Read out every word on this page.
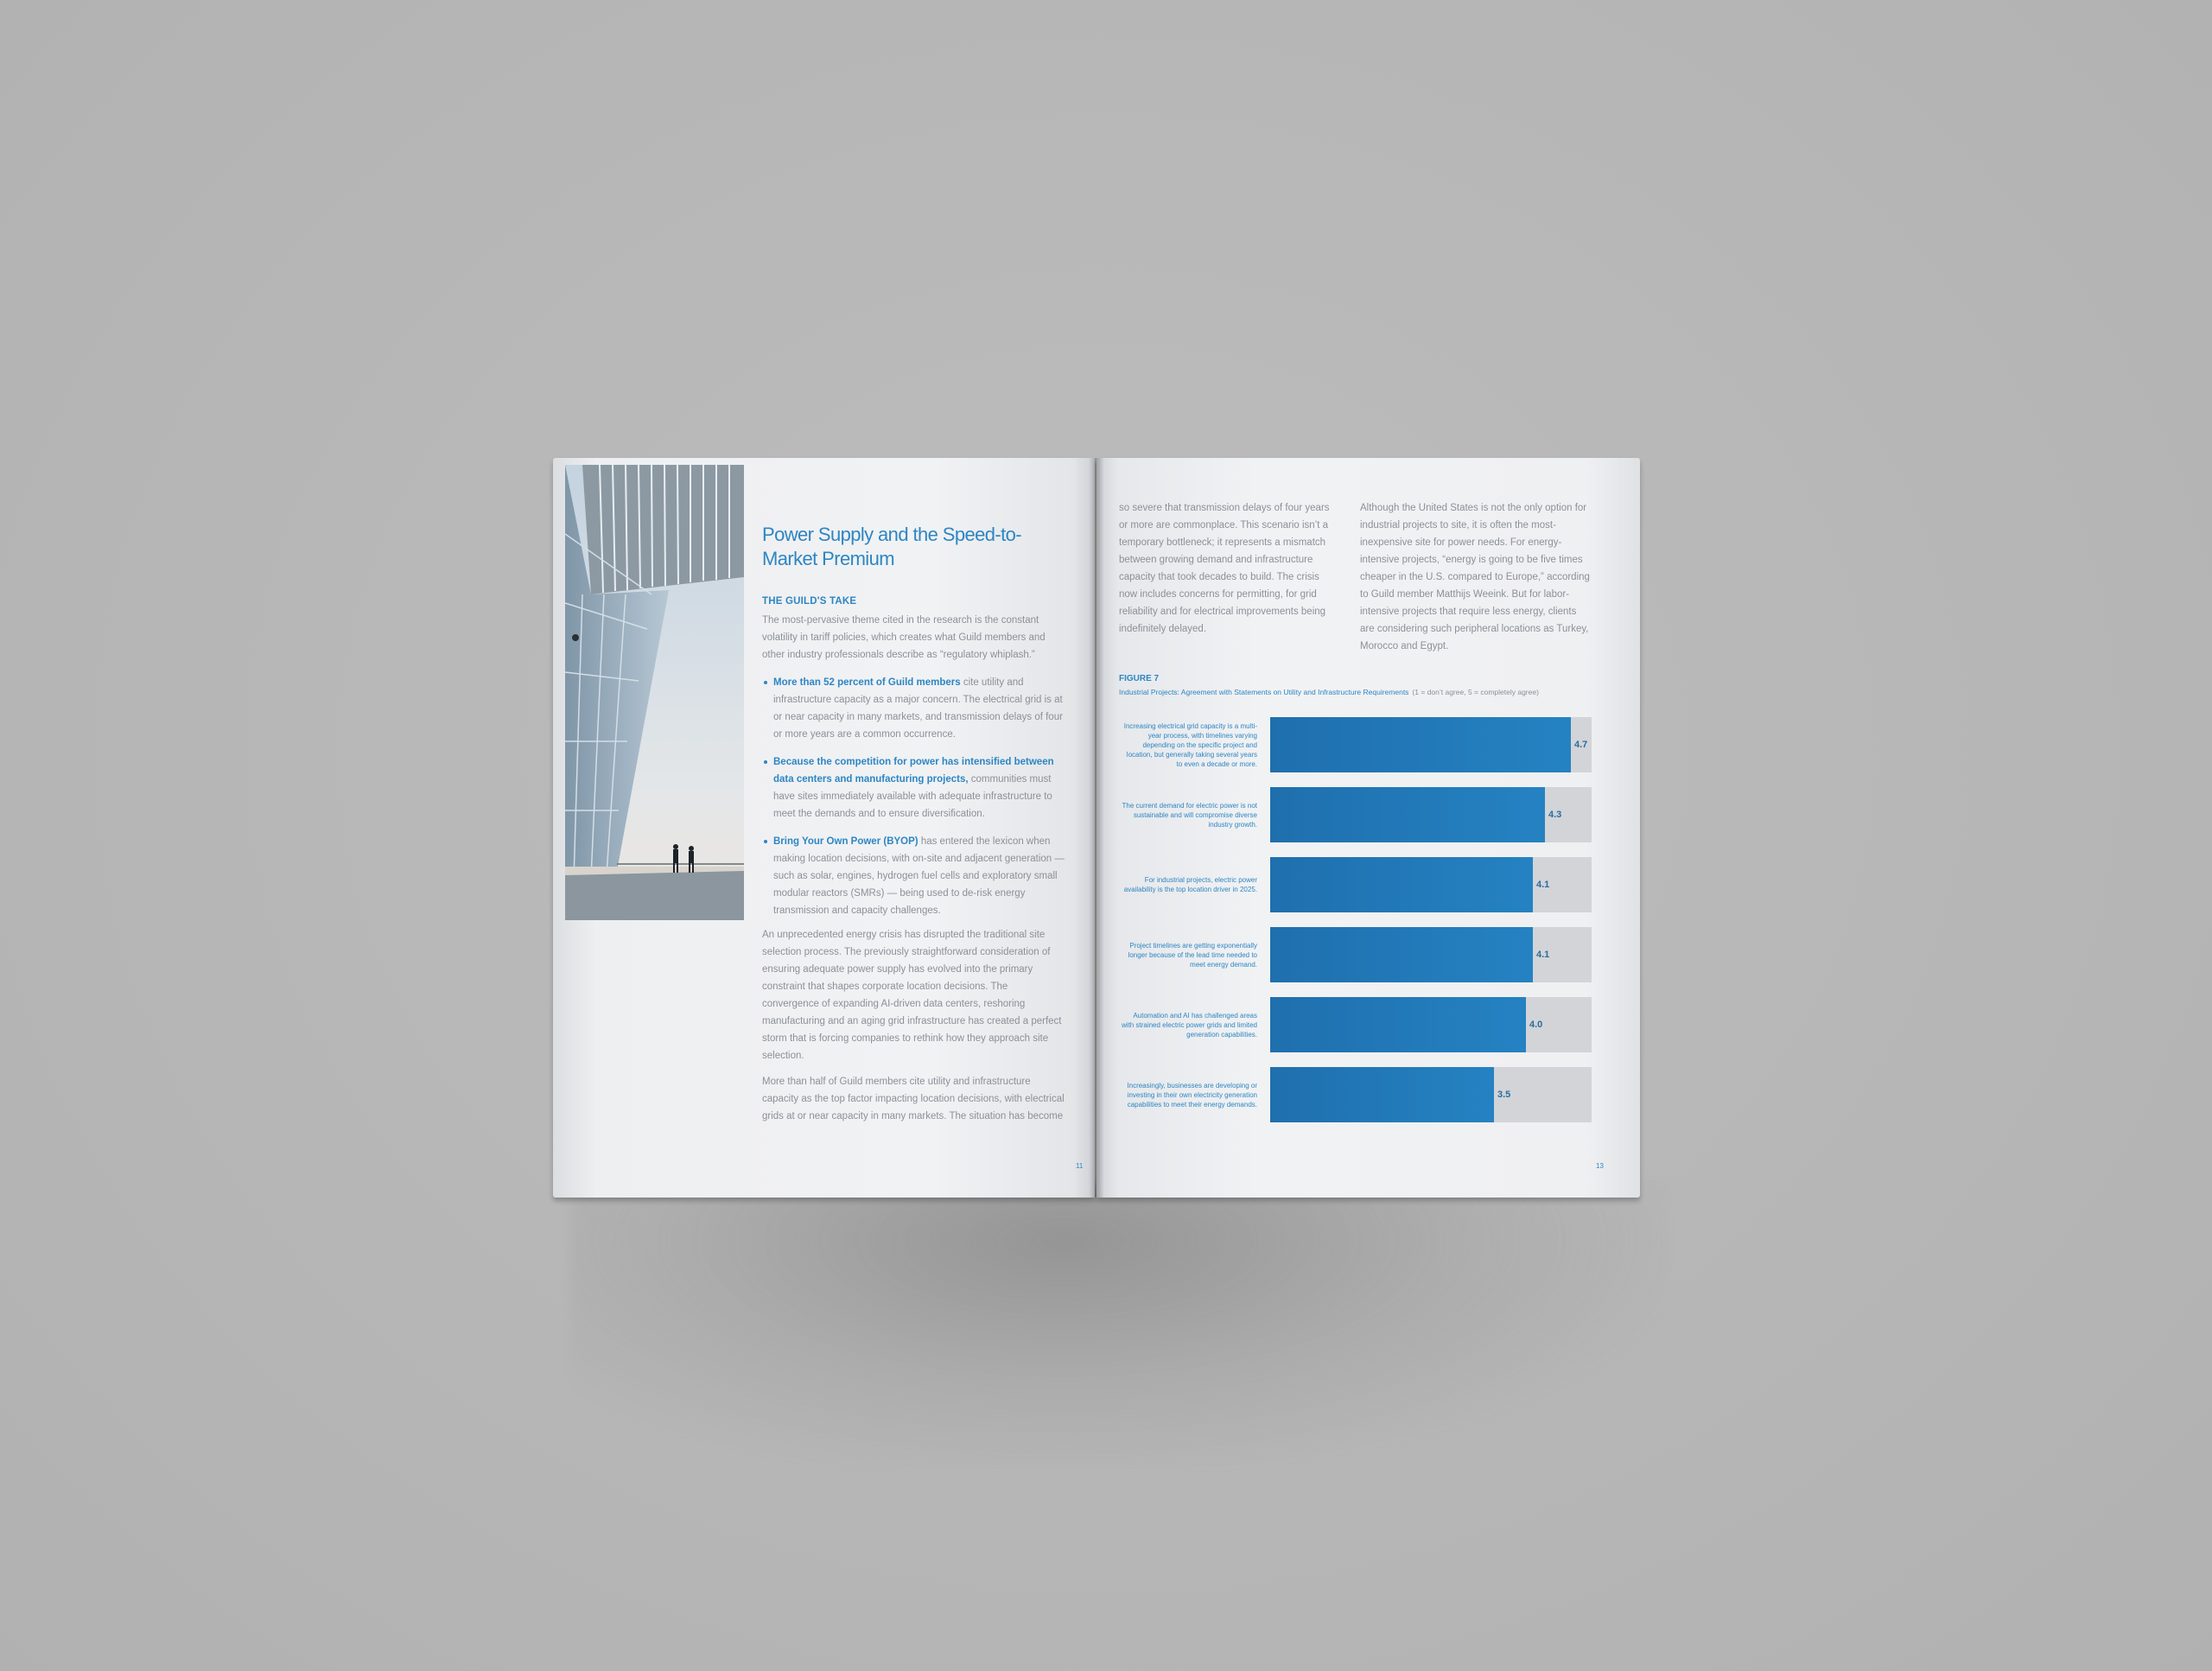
Power Supply and the Speed-to-Market Premium
THE GUILD'S TAKE
The most-pervasive theme cited in the research is the constant volatility in tariff policies, which creates what Guild members and other industry professionals describe as “regulatory whiplash.”
More than 52 percent of Guild members cite utility and infrastructure capacity as a major concern. The electrical grid is at or near capacity in many markets, and transmission delays of four or more years are a common occurrence.
Because the competition for power has intensified between data centers and manufacturing projects, communities must have sites immediately available with adequate infrastructure to meet the demands and to ensure diversification.
Bring Your Own Power (BYOP) has entered the lexicon when making location decisions, with on-site and adjacent generation — such as solar, engines, hydrogen fuel cells and exploratory small modular reactors (SMRs) — being used to de-risk energy transmission and capacity challenges.
An unprecedented energy crisis has disrupted the traditional site selection process. The previously straightforward consideration of ensuring adequate power supply has evolved into the primary constraint that shapes corporate location decisions. The convergence of expanding AI-driven data centers, reshoring manufacturing and an aging grid infrastructure has created a perfect storm that is forcing companies to rethink how they approach site selection.
More than half of Guild members cite utility and infrastructure capacity as the top factor impacting location decisions, with electrical grids at or near capacity in many markets. The situation has become
11
so severe that transmission delays of four years or more are commonplace. This scenario isn’t a temporary bottleneck; it represents a mismatch between growing demand and infrastructure capacity that took decades to build. The crisis now includes concerns for permitting, for grid reliability and for electrical improvements being indefinitely delayed.
Although the United States is not the only option for industrial projects to site, it is often the most-inexpensive site for power needs. For energy-intensive projects, “energy is going to be five times cheaper in the U.S. compared to Europe,” according to Guild member Matthijs Weeink. But for labor-intensive projects that require less energy, clients are considering such peripheral locations as Turkey, Morocco and Egypt.
FIGURE 7
Industrial Projects: Agreement with Statements on Utility and Infrastructure Requirements (1 = don’t agree, 5 = completely agree)
Increasing electrical grid capacity is a multi-year process, with timelines varying depending on the specific project and location, but generally taking several years to even a decade or more.
4.7
The current demand for electric power is not sustainable and will compromise diverse industry growth.
4.3
For industrial projects, electric power availability is the top location driver in 2025.	4.1
Project timelines are getting exponentially longer because of the lead time needed to meet energy demand.
4.1
Automation and AI has challenged areas with strained electric power grids and limited generation capabilities.
4.0
Increasingly, businesses are developing or investing in their own electricity generation capabilities to meet their energy demands.
3.5
13
